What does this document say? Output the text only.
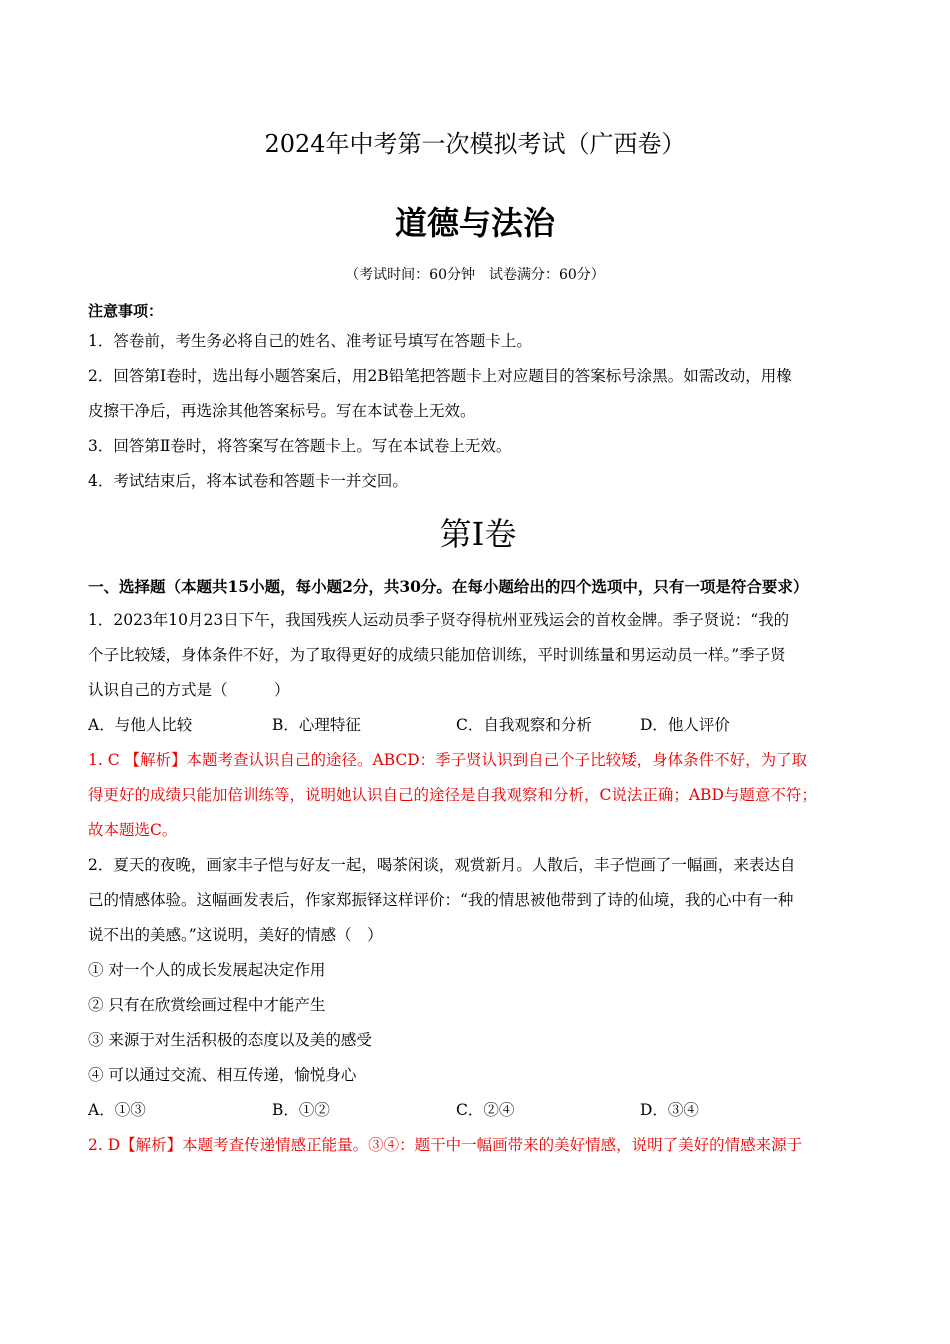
2024年中考第一次模拟考试（广西卷）
道德与法治
（考试时间：60分钟　试卷满分：60分）
注意事项：
1．答卷前，考生务必将自己的姓名、准考证号填写在答题卡上。
2．回答第Ⅰ卷时，选出每小题答案后，用2B铅笔把答题卡上对应题目的答案标号涂黑。如需改动，用橡
皮擦干净后，再选涂其他答案标号。写在本试卷上无效。
3．回答第Ⅱ卷时，将答案写在答题卡上。写在本试卷上无效。
4．考试结束后，将本试卷和答题卡一并交回。
第Ⅰ卷
一、选择题（本题共15小题，每小题2分，共30分。在每小题给出的四个选项中，只有一项是符合要求）
1．2023年10月23日下午，我国残疾人运动员季子贤夺得杭州亚残运会的首枚金牌。季子贤说：“我的
个子比较矮，身体条件不好，为了取得更好的成绩只能加倍训练，平时训练量和男运动员一样。”季子贤
认识自己的方式是（　　　）
A．与他人比较	B．心理特征	C．自我观察和分析	D．他人评价
1. C 【解析】本题考查认识自己的途径。ABCD：季子贤认识到自己个子比较矮，身体条件不好，为了取
得更好的成绩只能加倍训练等，说明她认识自己的途径是自我观察和分析，C说法正确；ABD与题意不符；
故本题选C。
2．夏天的夜晚，画家丰子恺与好友一起，喝茶闲谈，观赏新月。人散后，丰子恺画了一幅画，来表达自
己的情感体验。这幅画发表后，作家郑振铎这样评价：“我的情思被他带到了诗的仙境，我的心中有一种
说不出的美感。”这说明，美好的情感（　）
① 对一个人的成长发展起决定作用
② 只有在欣赏绘画过程中才能产生
③ 来源于对生活积极的态度以及美的感受
④ 可以通过交流、相互传递，愉悦身心
A．①③	B．①②	C．②④	D．③④
2. D【解析】本题考查传递情感正能量。③④：题干中一幅画带来的美好情感，说明了美好的情感来源于
